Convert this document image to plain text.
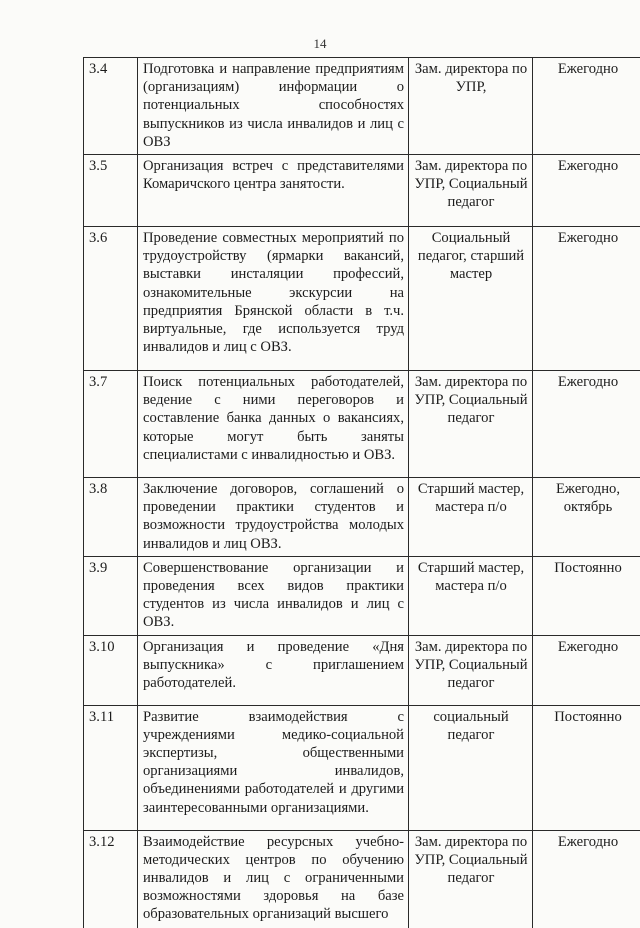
14
3.4	Подготовка и направление предприятиям (организациям) информации о потенциальных способностях выпускников из числа инвалидов и лиц с ОВЗ	Зам. директора по УПР,	Ежегодно
3.5	Организация встреч с представителями Комаричского центра занятости.	Зам. директора по УПР, Социальный педагог	Ежегодно
3.6	Проведение совместных мероприятий по трудоустройству (ярмарки вакансий, выставки инсталяции профессий, ознакомительные экскурсии на предприятия Брянской области в т.ч. виртуальные, где используется труд инвалидов и лиц с ОВЗ.	Социальный педагог, старший мастер	Ежегодно
3.7	Поиск потенциальных работодателей, ведение с ними переговоров и составление банка данных о вакансиях, которые могут быть заняты специалистами с инвалидностью и ОВЗ.	Зам. директора по УПР, Социальный педагог	Ежегодно
3.8	Заключение договоров, соглашений о проведении практики студентов и возможности трудоустройства молодых инвалидов и лиц ОВЗ.	Старший мастер, мастера п/о	Ежегодно, октябрь
3.9	Совершенствование организации и проведения всех видов практики студентов из числа инвалидов и лиц с ОВЗ.	Старший мастер, мастера п/о	Постоянно
3.10	Организация и проведение «Дня выпускника» с приглашением работодателей.	Зам. директора по УПР, Социальный педагог	Ежегодно
3.11	Развитие взаимодействия с учреждениями медико-социальной экспертизы, общественными организациями инвалидов, объединениями работодателей и другими заинтересованными организациями.	социальный педагог	Постоянно
3.12	Взаимодействие ресурсных учебно-методических центров по обучению инвалидов и лиц с ограниченными возможностями здоровья на базе образовательных организаций высшего	Зам. директора по УПР, Социальный педагог	Ежегодно
